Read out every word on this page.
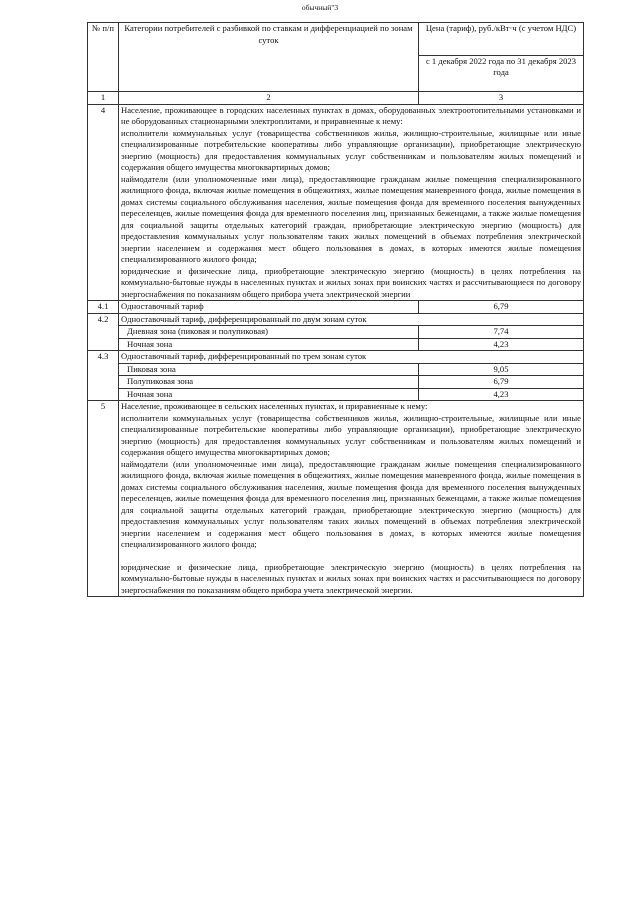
обычный"3
№ п/п	Категории потребителей с разбивкой по ставкам и дифференциацией по зонам суток	Цена (тариф), руб./кВт·ч (с учетом НДС)
		с 1 декабря 2022 года по 31 декабря 2023 года
1	2	3
4	Население, проживающее в городских населенных пунктах в домах, оборудованных электроотопительными установками и не оборудованных стационарными электроплитами, и приравненные к нему:

исполнители коммунальных услуг (товарищества собственников жилья, жилищно-строительные, жилищные или иные специализированные потребительские кооперативы либо управляющие организации), приобретающие электрическую энергию (мощность) для предоставления коммунальных услуг собственникам и пользователям жилых помещений и содержания общего имущества многоквартирных домов;

наймодатели (или уполномоченные ими лица), предоставляющие гражданам жилые помещения специализированного жилищного фонда, включая жилые помещения в общежитиях, жилые помещения маневренного фонда, жилые помещения в домах системы социального обслуживания населения, жилые помещения фонда для временного поселения вынужденных переселенцев, жилые помещения фонда для временного поселения лиц, признанных беженцами, а также жилые помещения для социальной защиты отдельных категорий граждан, приобретающие электрическую энергию (мощность) для предоставления коммунальных услуг пользователям таких жилых помещений в объемах потребления электрической энергии населением и содержания мест общего пользования в домах, в которых имеются жилые помещения специализированного жилого фонда;

юридические и физические лица, приобретающие электрическую энергию (мощность) в целях потребления на коммунально-бытовые нужды в населенных пунктах и жилых зонах при воинских частях и рассчитывающиеся по договору энергоснабжения по показаниям общего прибора учета электрической энергии	

4.1	Одноставочный тариф	6,79
4.2	Одноставочный тариф, дифференцированный по двум зонам суток	
	Дневная зона (пиковая и полупиковая)	7,74
	Ночная зона	4,23
4.3	Одноставочный тариф, дифференцированный по трем зонам суток	
	Пиковая зона	9,05
	Полупиковая зона	6,79
	Ночная зона	4,23
5	Население, проживающее в сельских населенных пунктах, и приравненные к нему:

исполнители коммунальных услуг (товарищества собственников жилья, жилищно-строительные, жилищные или иные специализированные потребительские кооперативы либо управляющие организации), приобретающие электрическую энергию (мощность) для предоставления коммунальных услуг собственникам и пользователям жилых помещений и содержания общего имущества многоквартирных домов;

наймодатели (или уполномоченные ими лица), предоставляющие гражданам жилые помещения специализированного жилищного фонда, включая жилые помещения в общежитиях, жилые помещения маневренного фонда, жилые помещения в домах системы социального обслуживания населения, жилые помещения фонда для временного поселения вынужденных переселенцев, жилые помещения фонда для временного поселения лиц, признанных беженцами, а также жилые помещения для социальной защиты отдельных категорий граждан, приобретающие электрическую энергию (мощность) для предоставления коммунальных услуг пользователям таких жилых помещений в объемах потребления электрической энергии населением и содержания мест общего пользования в домах, в которых имеются жилые помещения специализированного жилого фонда;

юридические и физические лица, приобретающие электрическую энергию (мощность) в целях потребления на коммунально-бытовые нужды в населенных пунктах и жилых зонах при воинских частях и рассчитывающиеся по договору энергоснабжения по показаниям общего прибора учета электрической энергии.	
